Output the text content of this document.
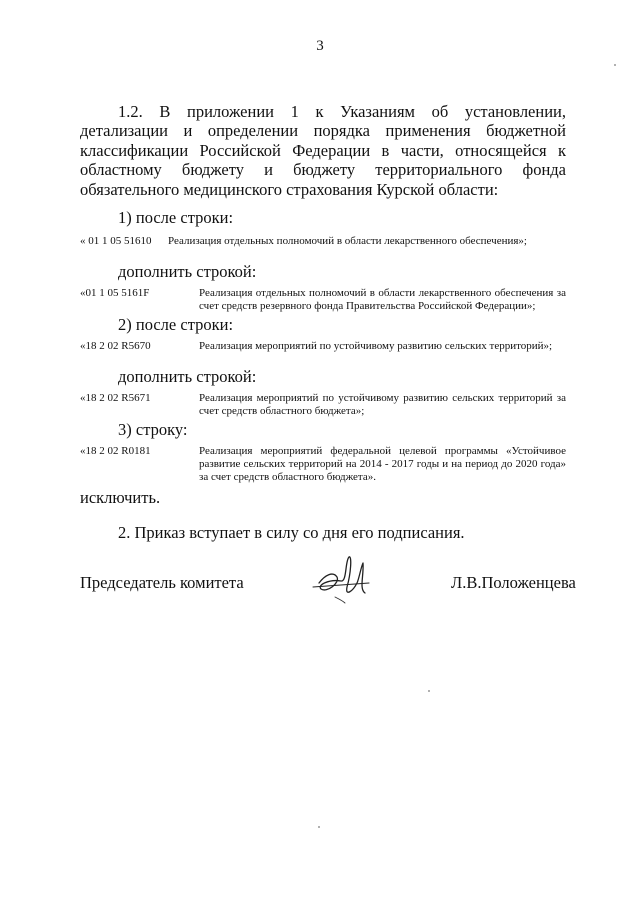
3
1.2. В приложении 1 к Указаниям об установлении, детализации и определении порядка применения бюджетной классификации Российской Федерации в части, относящейся к областному бюджету и бюджету территориального фонда обязательного медицинского страхования Курской области:
1) после строки:
« 01 1 05 51610 Реализация отдельных полномочий в области лекарственного обеспечения»;
дополнить строкой:
«01 1 05 5161F	Реализация отдельных полномочий в области лекарственного обеспечения за счет средств резервного фонда Правительства Российской Федерации»;
2) после строки:
«18 2 02 R5670	Реализация мероприятий по устойчивому развитию сельских территорий»;
дополнить строкой:
«18 2 02 R5671	Реализация мероприятий по устойчивому развитию сельских территорий за счет средств областного бюджета»;
3) строку:
«18 2 02 R0181	Реализация мероприятий федеральной целевой программы «Устойчивое развитие сельских территорий на 2014 - 2017 годы и на период до 2020 года» за счет средств областного бюджета».
исключить.
2. Приказ вступает в силу со дня его подписания.
Председатель комитета	Л.В.Положенцева
